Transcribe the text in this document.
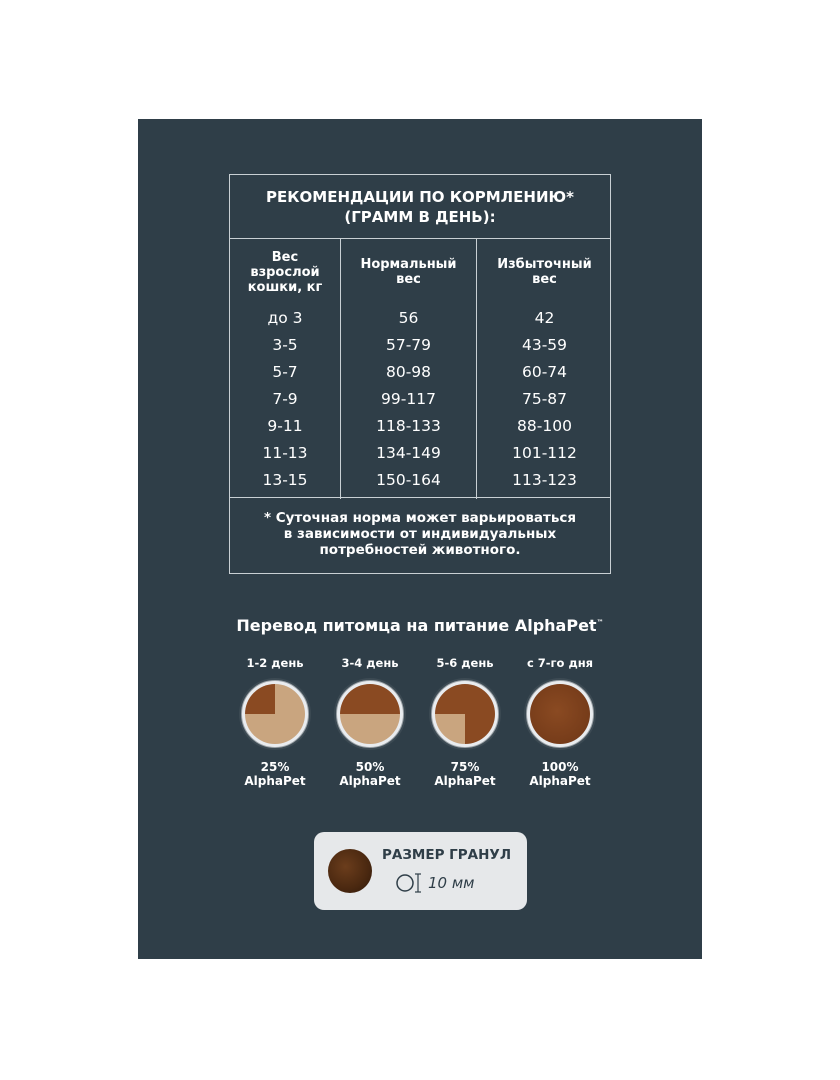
РЕКОМЕНДАЦИИ ПО КОРМЛЕНИЮ*
(ГРАММ В ДЕНЬ):
Вес
взрослой
кошки, кг
до 3
3-5
5-7
7-9
9-11
11-13
13-15
Нормальный
вес
56
57-79
80-98
99-117
118-133
134-149
150-164
Избыточный
вес
42
43-59
60-74
75-87
88-100
101-112
113-123
* Суточная норма может варьироваться
в зависимости от индивидуальных
потребностей животного.
Перевод питомца на питание AlphaPet™
1-2 день
25%
AlphaPet
3-4 день
50%
AlphaPet
5-6 день
75%
AlphaPet
с 7-го дня
100%
AlphaPet
РАЗМЕР ГРАНУЛ
10 мм
